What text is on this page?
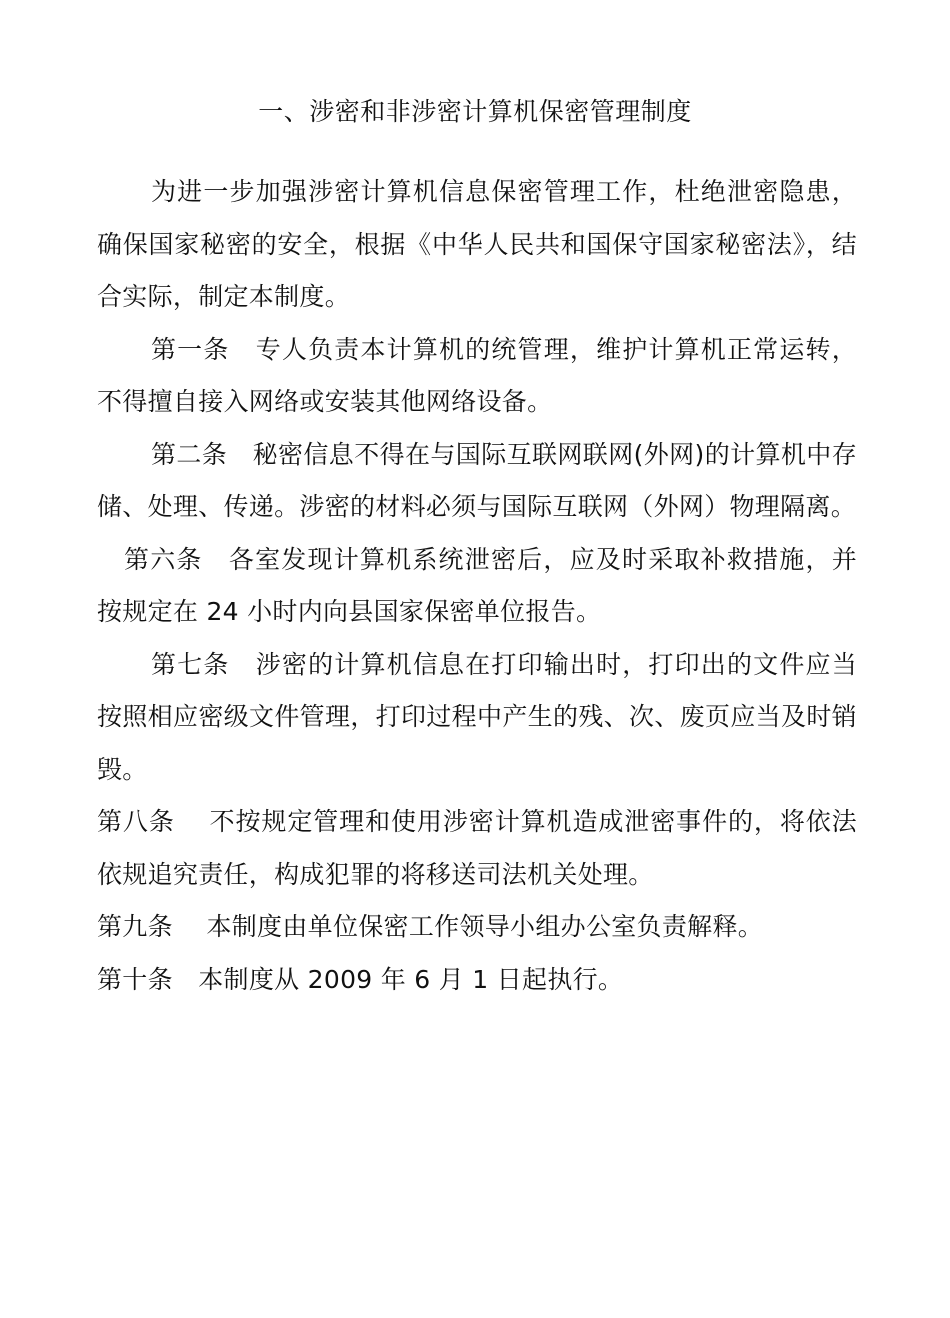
一、涉密和非涉密计算机保密管理制度

为进一步加强涉密计算机信息保密管理工作，杜绝泄密隐患，确保国家秘密的安全，根据《中华人民共和国保守国家秘密法》，结合实际，制定本制度。

第一条　 专人负责本计算机的统管理，维护计算机正常运转，不得擅自接入网络或安装其他网络设备。

第二条　 秘密信息不得在与国际互联网联网(外网)的计算机中存储、处理、传递。涉密的材料必须与国际互联网（外网）物理隔离。

第六条　 各室发现计算机系统泄密后，应及时采取补救措施，并按规定在 24 小时内向县国家保密单位报告。

第七条　 涉密的计算机信息在打印输出时，打印出的文件应当按照相应密级文件管理，打印过程中产生的残、次、废页应当及时销毁。

第八条　 不按规定管理和使用涉密计算机造成泄密事件的，将依法依规追究责任，构成犯罪的将移送司法机关处理。

第九条　 本制度由单位保密工作领导小组办公室负责解释。

第十条　 本制度从 2009 年 6 月 1 日起执行。
